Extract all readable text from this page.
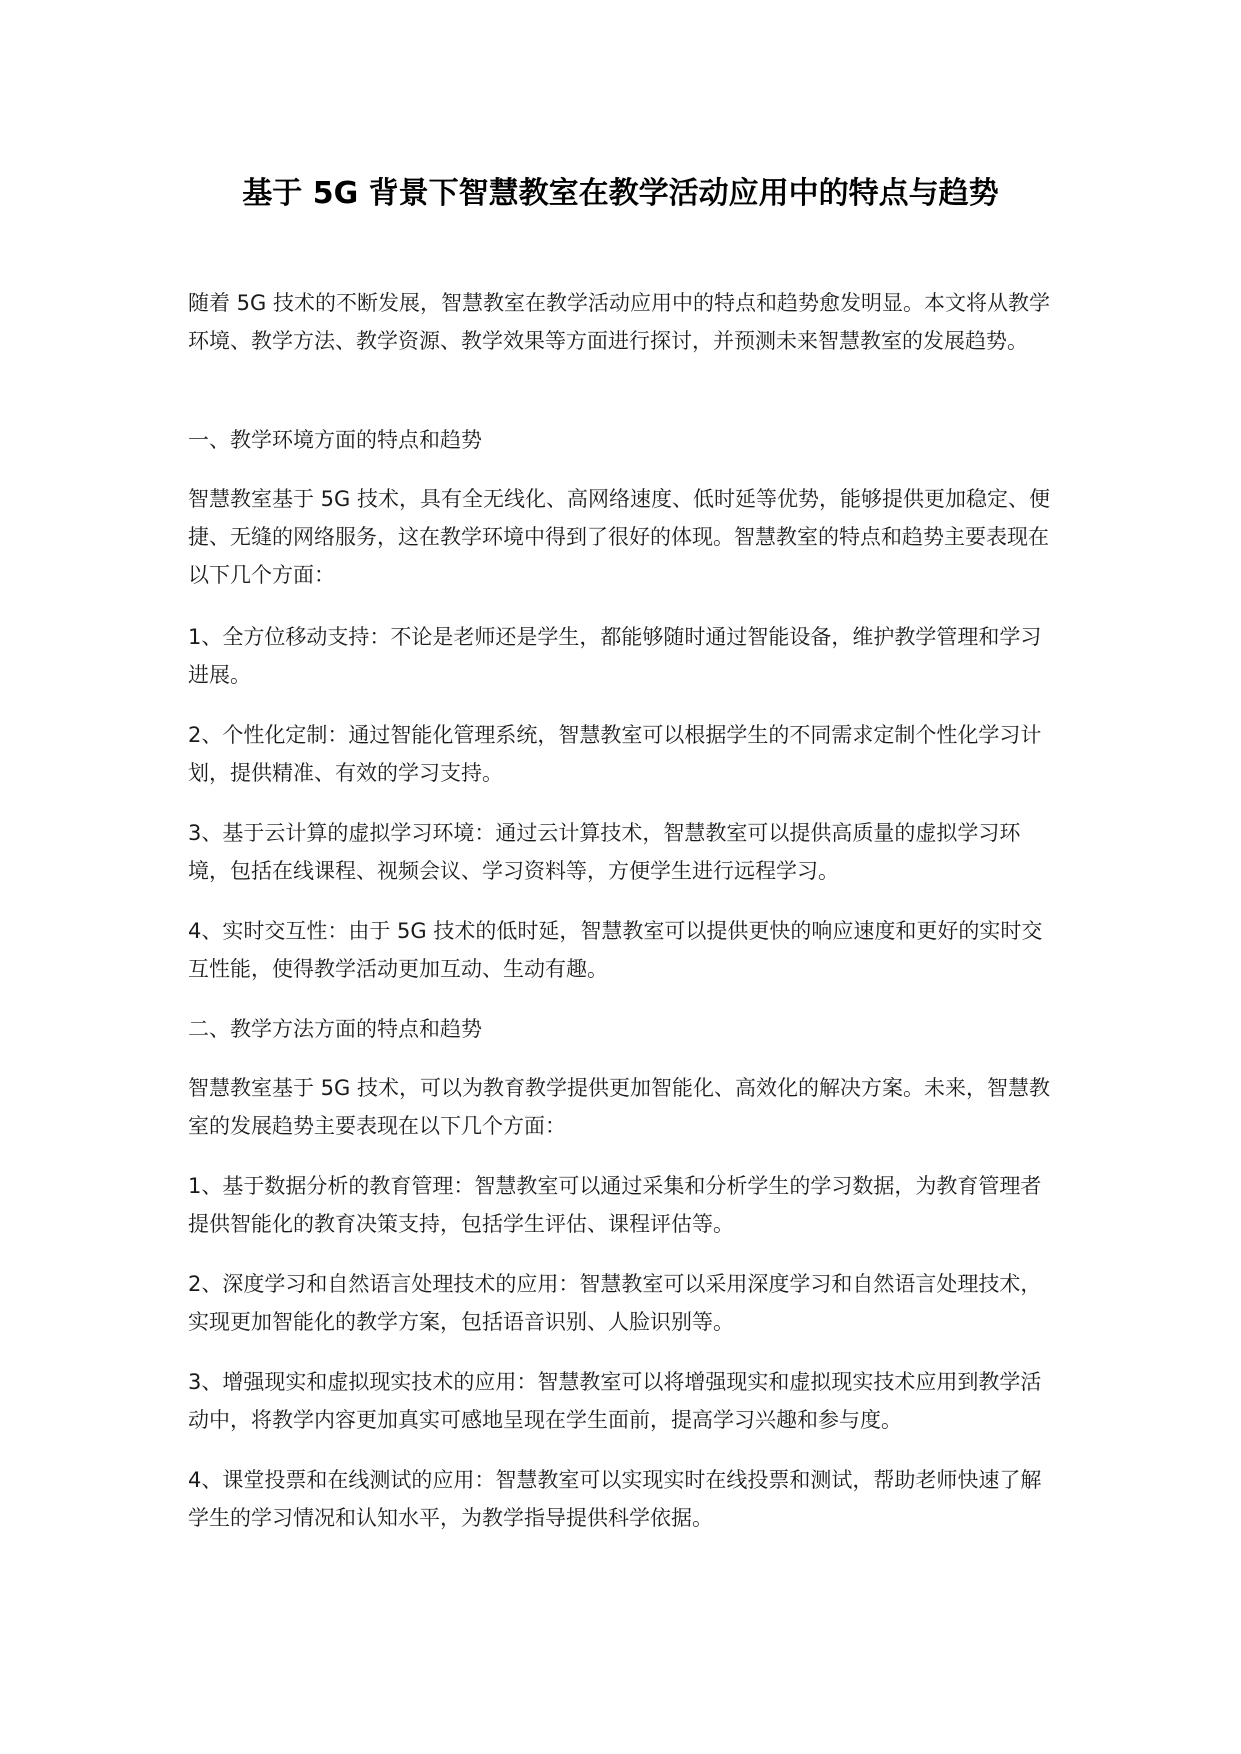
基于 5G 背景下智慧教室在教学活动应用中的特点与趋势

随着 5G 技术的不断发展，智慧教室在教学活动应用中的特点和趋势愈发明显。本文将从教学环境、教学方法、教学资源、教学效果等方面进行探讨，并预测未来智慧教室的发展趋势。

一、教学环境方面的特点和趋势

智慧教室基于 5G 技术，具有全无线化、高网络速度、低时延等优势，能够提供更加稳定、便捷、无缝的网络服务，这在教学环境中得到了很好的体现。智慧教室的特点和趋势主要表现在以下几个方面：

1、全方位移动支持：不论是老师还是学生，都能够随时通过智能设备，维护教学管理和学习进展。

2、个性化定制：通过智能化管理系统，智慧教室可以根据学生的不同需求定制个性化学习计划，提供精准、有效的学习支持。

3、基于云计算的虚拟学习环境：通过云计算技术，智慧教室可以提供高质量的虚拟学习环境，包括在线课程、视频会议、学习资料等，方便学生进行远程学习。

4、实时交互性：由于 5G 技术的低时延，智慧教室可以提供更快的响应速度和更好的实时交互性能，使得教学活动更加互动、生动有趣。

二、教学方法方面的特点和趋势

智慧教室基于 5G 技术，可以为教育教学提供更加智能化、高效化的解决方案。未来，智慧教室的发展趋势主要表现在以下几个方面：

1、基于数据分析的教育管理：智慧教室可以通过采集和分析学生的学习数据，为教育管理者提供智能化的教育决策支持，包括学生评估、课程评估等。

2、深度学习和自然语言处理技术的应用：智慧教室可以采用深度学习和自然语言处理技术，实现更加智能化的教学方案，包括语音识别、人脸识别等。

3、增强现实和虚拟现实技术的应用：智慧教室可以将增强现实和虚拟现实技术应用到教学活动中，将教学内容更加真实可感地呈现在学生面前，提高学习兴趣和参与度。

4、课堂投票和在线测试的应用：智慧教室可以实现实时在线投票和测试，帮助老师快速了解学生的学习情况和认知水平，为教学指导提供科学依据。
